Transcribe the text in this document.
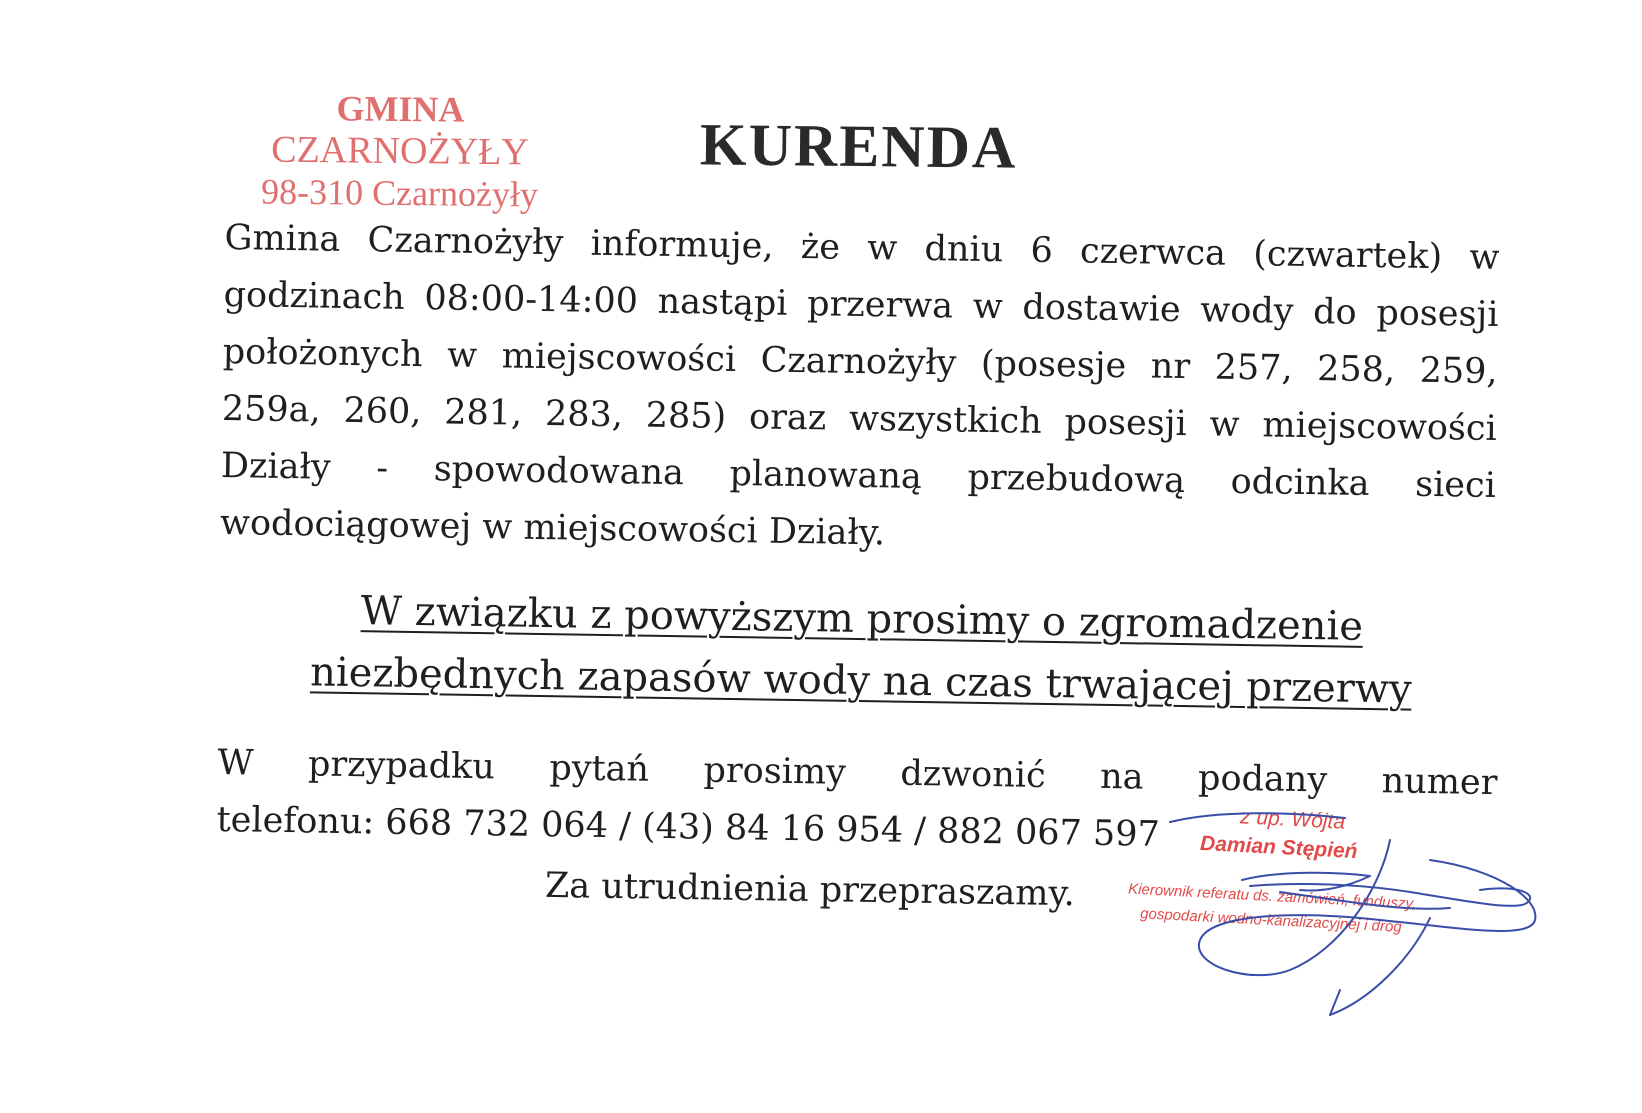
GMINA
CZARNOŻYŁY
98-310 Czarnożyły
KURENDA

Gmina Czarnożyły informuje, że w dniu 6 czerwca (czwartek) w godzinach 08:00-14:00 nastąpi przerwa w dostawie wody do posesji położonych w miejscowości Czarnożyły (posesje nr 257, 258, 259, 259a, 260, 281, 283, 285) oraz wszystkich posesji w miejscowości Działy - spowodowana planowaną przebudową odcinka sieci wodociągowej w miejscowości Działy.

W związku z powyższym prosimy o zgromadzenie
niezbędnych zapasów wody na czas trwającej przerwy

W przypadku pytań prosimy dzwonić na podany numer
telefonu: 668 732 064 / (43) 84 16 954 / 882 067 597

Za utrudnienia przepraszamy.

z up. Wójta
Damian Stępień
Kierownik referatu ds. zamówień, funduszy,
gospodarki wodno-kanalizacyjnej i dróg
